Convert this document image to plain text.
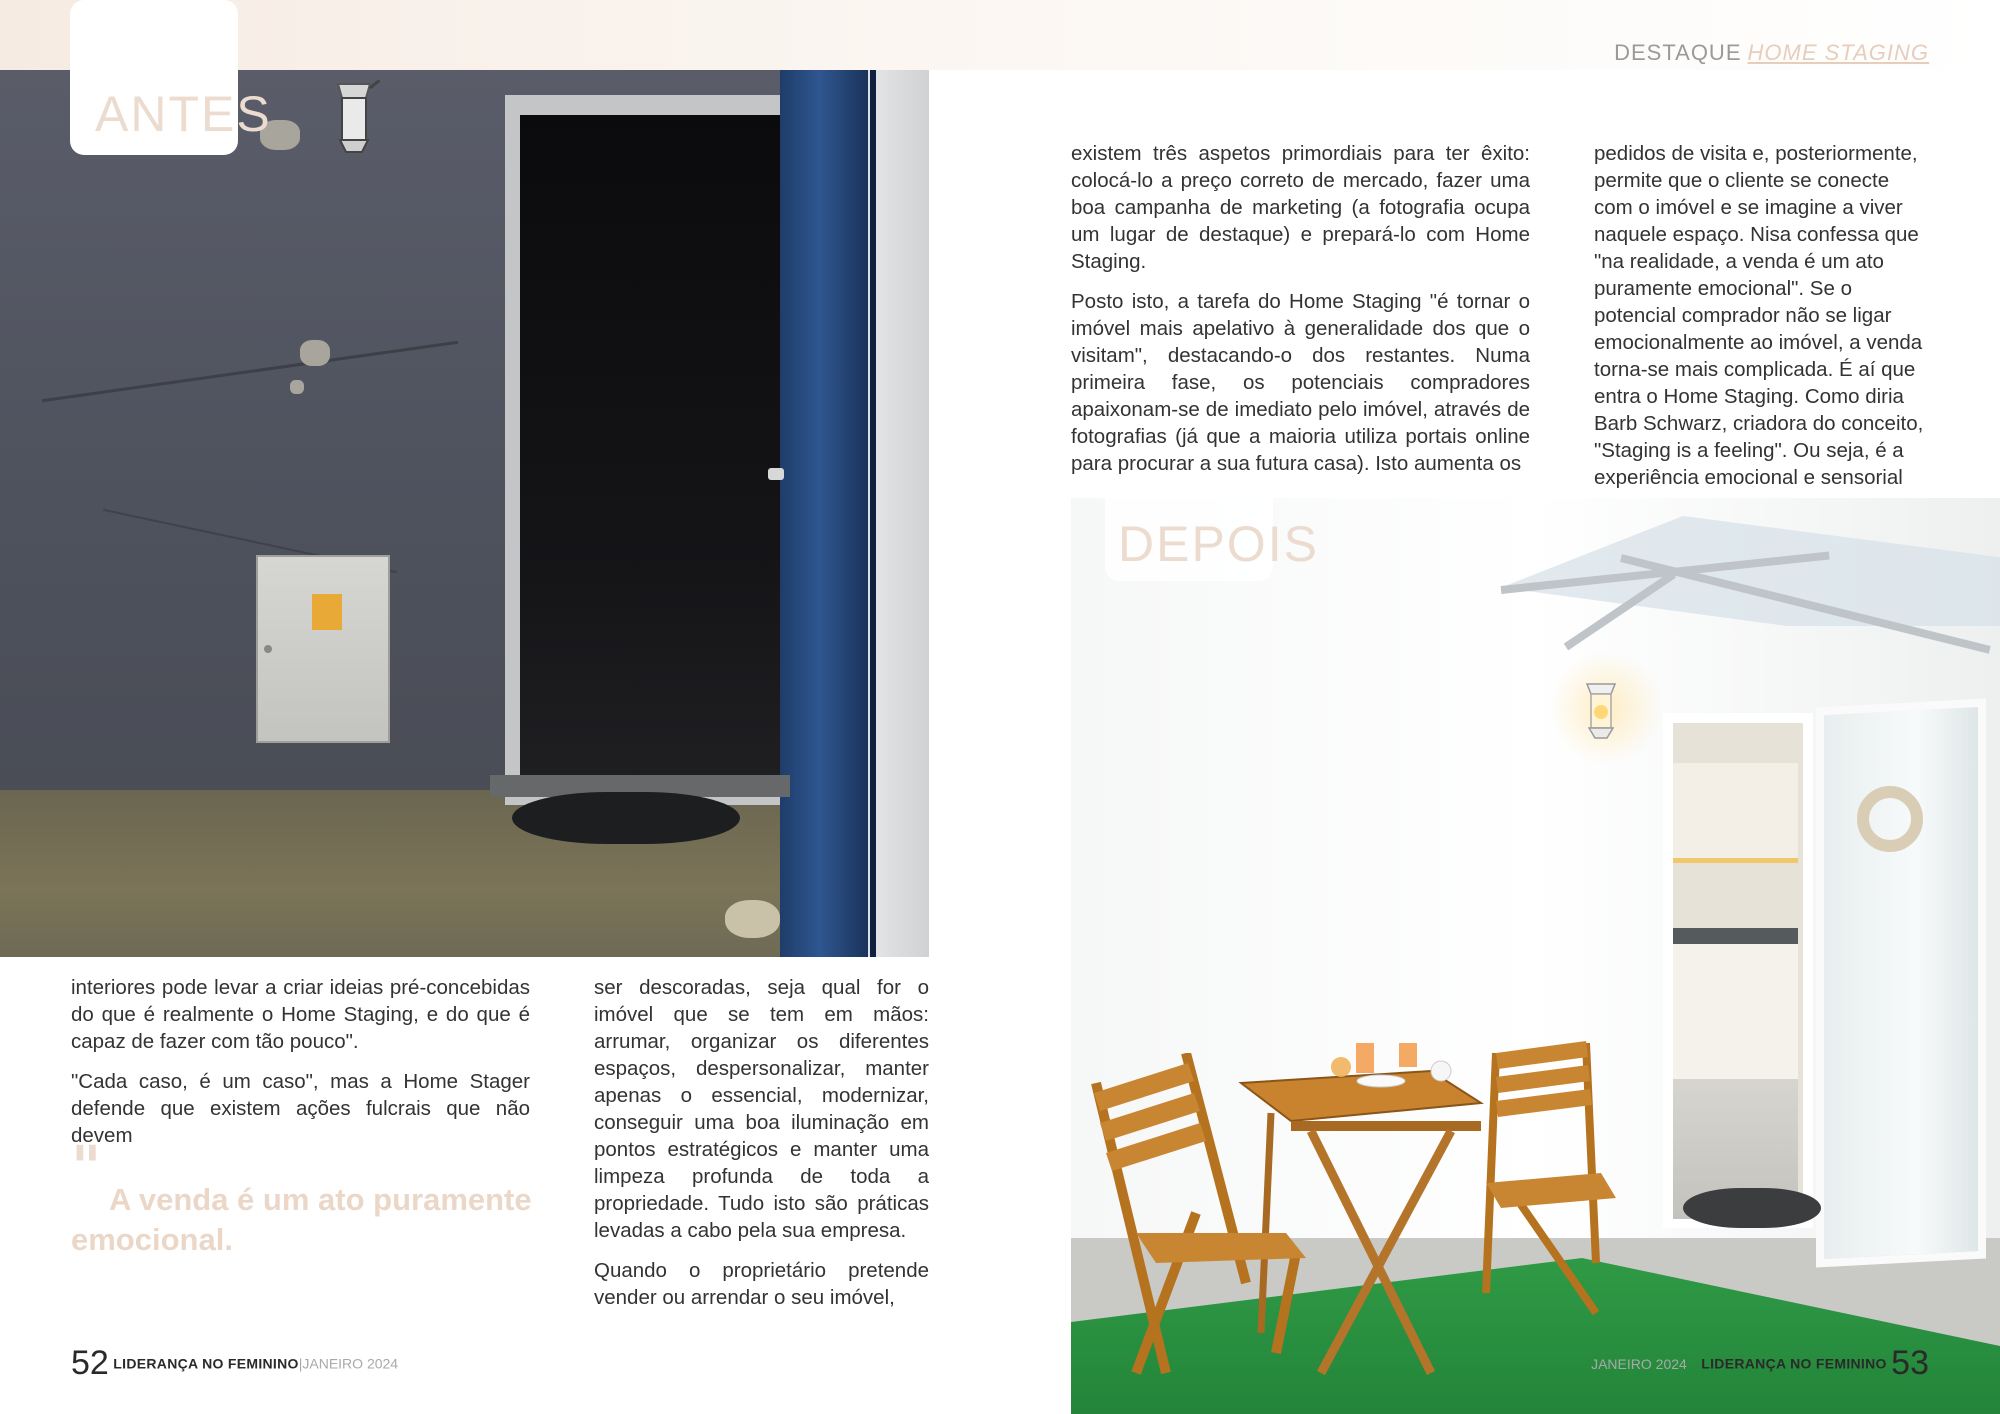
DESTAQUE HOME STAGING
ANTES

interiores pode levar a criar ideias pré-concebidas do que é realmente o Home Staging, e do que é capaz de fazer com tão pouco".

"Cada caso, é um caso", mas a Home Stager defende que existem ações fulcrais que não devem

" A venda é um ato puramente emocional.

ser descoradas, seja qual for o imóvel que se tem em mãos: arrumar, organizar os diferentes espaços, despersonalizar, manter apenas o essencial, modernizar, conseguir uma boa iluminação em pontos estratégicos e manter uma limpeza profunda de toda a propriedade. Tudo isto são práticas levadas a cabo pela sua empresa.

Quando o proprietário pretende vender ou arrendar o seu imóvel,

52 LIDERANÇA NO FEMININO|JANEIRO 2024

existem três aspetos primordiais para ter êxito: colocá-lo a preço correto de mercado, fazer uma boa campanha de marketing (a fotografia ocupa um lugar de destaque) e prepará-lo com Home Staging.

Posto isto, a tarefa do Home Staging "é tornar o imóvel mais apelativo à generalidade dos que o visitam", destacando-o dos restantes. Numa primeira fase, os potenciais compradores apaixonam-se de imediato pelo imóvel, através de fotografias (já que a maioria utiliza portais online para procurar a sua futura casa). Isto aumenta os

pedidos de visita e, posteriormente, permite que o cliente se conecte com o imóvel e se imagine a viver naquele espaço. Nisa confessa que "na realidade, a venda é um ato puramente emocional". Se o potencial comprador não se ligar emocionalmente ao imóvel, a venda torna-se mais complicada. É aí que entra o Home Staging. Como diria Barb Schwarz, criadora do conceito, "Staging is a feeling". Ou seja, é a experiência emocional e sensorial

DEPOIS
JANEIRO 2024 LIDERANÇA NO FEMININO 53
